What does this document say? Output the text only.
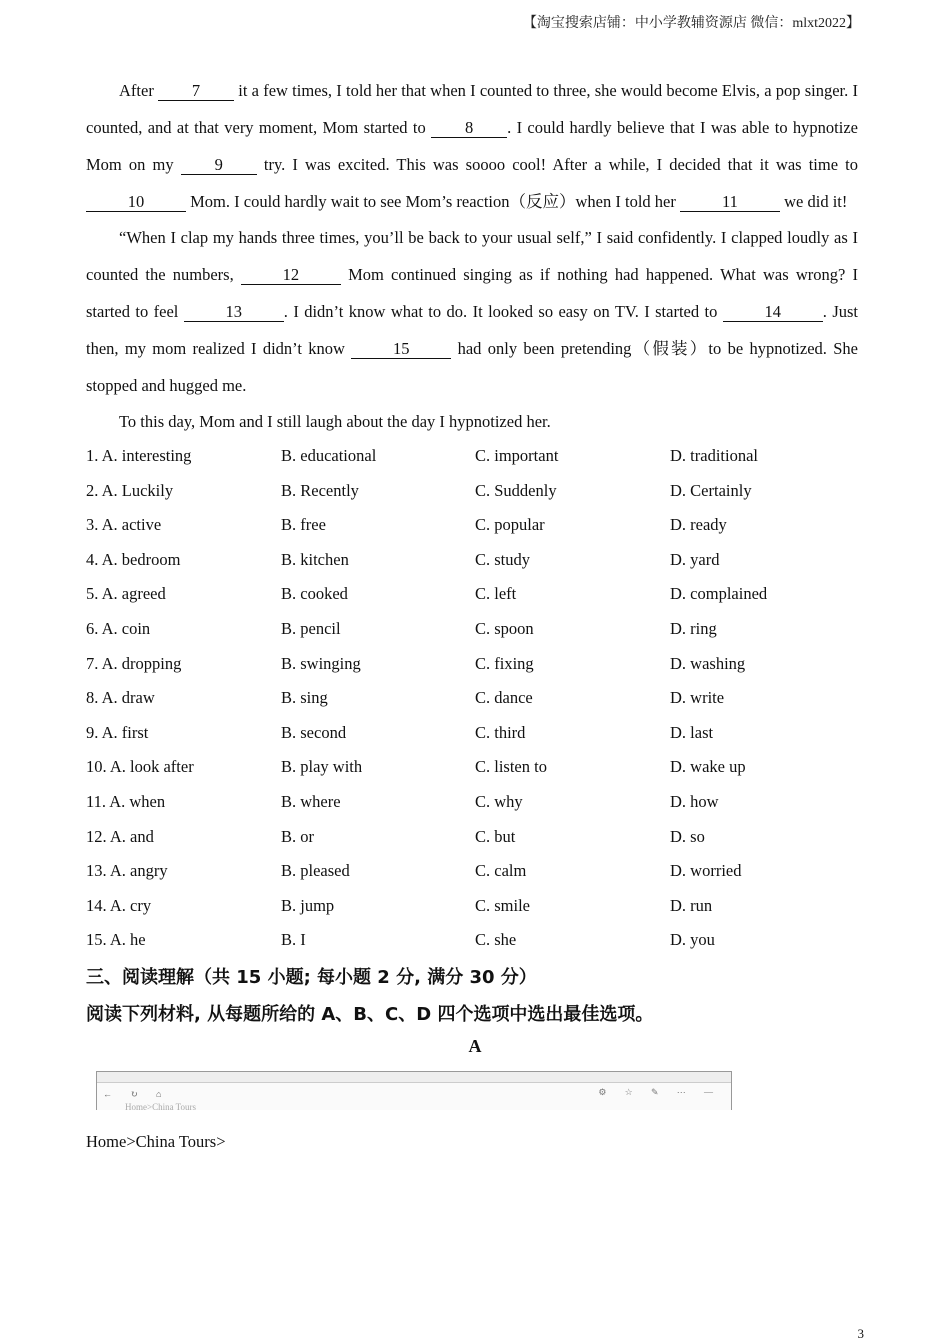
【淘宝搜索店铺：中小学教辅资源店 微信：mlxt2022】
After 7 it a few times, I told her that when I counted to three, she would become Elvis, a pop singer. I counted, and at that very moment, Mom started to 8 . I could hardly believe that I was able to hypnotize Mom on my 9 try. I was excited. This was soooo cool! After a while, I decided that it was time to 10	Mom. I could hardly wait to see Mom’s reaction（反应）when I told her	11	we did it!
“When I clap my hands three times, you’ll be back to your usual self,” I said confidently. I clapped loudly as I counted the numbers,	12	Mom continued singing as if nothing had happened. What was wrong? I started to feel	13	. I didn’t know what to do. It looked so easy on TV. I started to	14	. Just then, my mom realized I didn’t know	15	had only been pretending（假装）to be hypnotized. She stopped and hugged me.
To this day, Mom and I still laugh about the day I hypnotized her.
1. A. interesting	B. educational	C. important	D. traditional
2. A. Luckily	B. Recently	C. Suddenly	D. Certainly
3. A. active	B. free	C. popular	D. ready
4. A. bedroom	B. kitchen	C. study	D. yard
5. A. agreed	B. cooked	C. left	D. complained
6. A. coin	B. pencil	C. spoon	D. ring
7. A. dropping	B. swinging	C. fixing	D. washing
8. A. draw	B. sing	C. dance	D. write
9. A. first	B. second	C. third	D. last
10. A. look after	B. play with	C. listen to	D. wake up
11. A. when	B. where	C. why	D. how
12. A. and	B. or	C. but	D. so
13. A. angry	B. pleased	C. calm	D. worried
14. A. cry	B. jump	C. smile	D. run
15. A. he	B. I	C. she	D. you
三、阅读理解（共 15 小题; 每小题 2 分, 满分 30 分）
阅读下列材料, 从每题所给的 A、B、C、D 四个选项中选出最佳选项。
A
← ↻ ⌂	⚙ ☆ ✎ ⋯ —
Home>China Tours
Home>China Tours>
3
